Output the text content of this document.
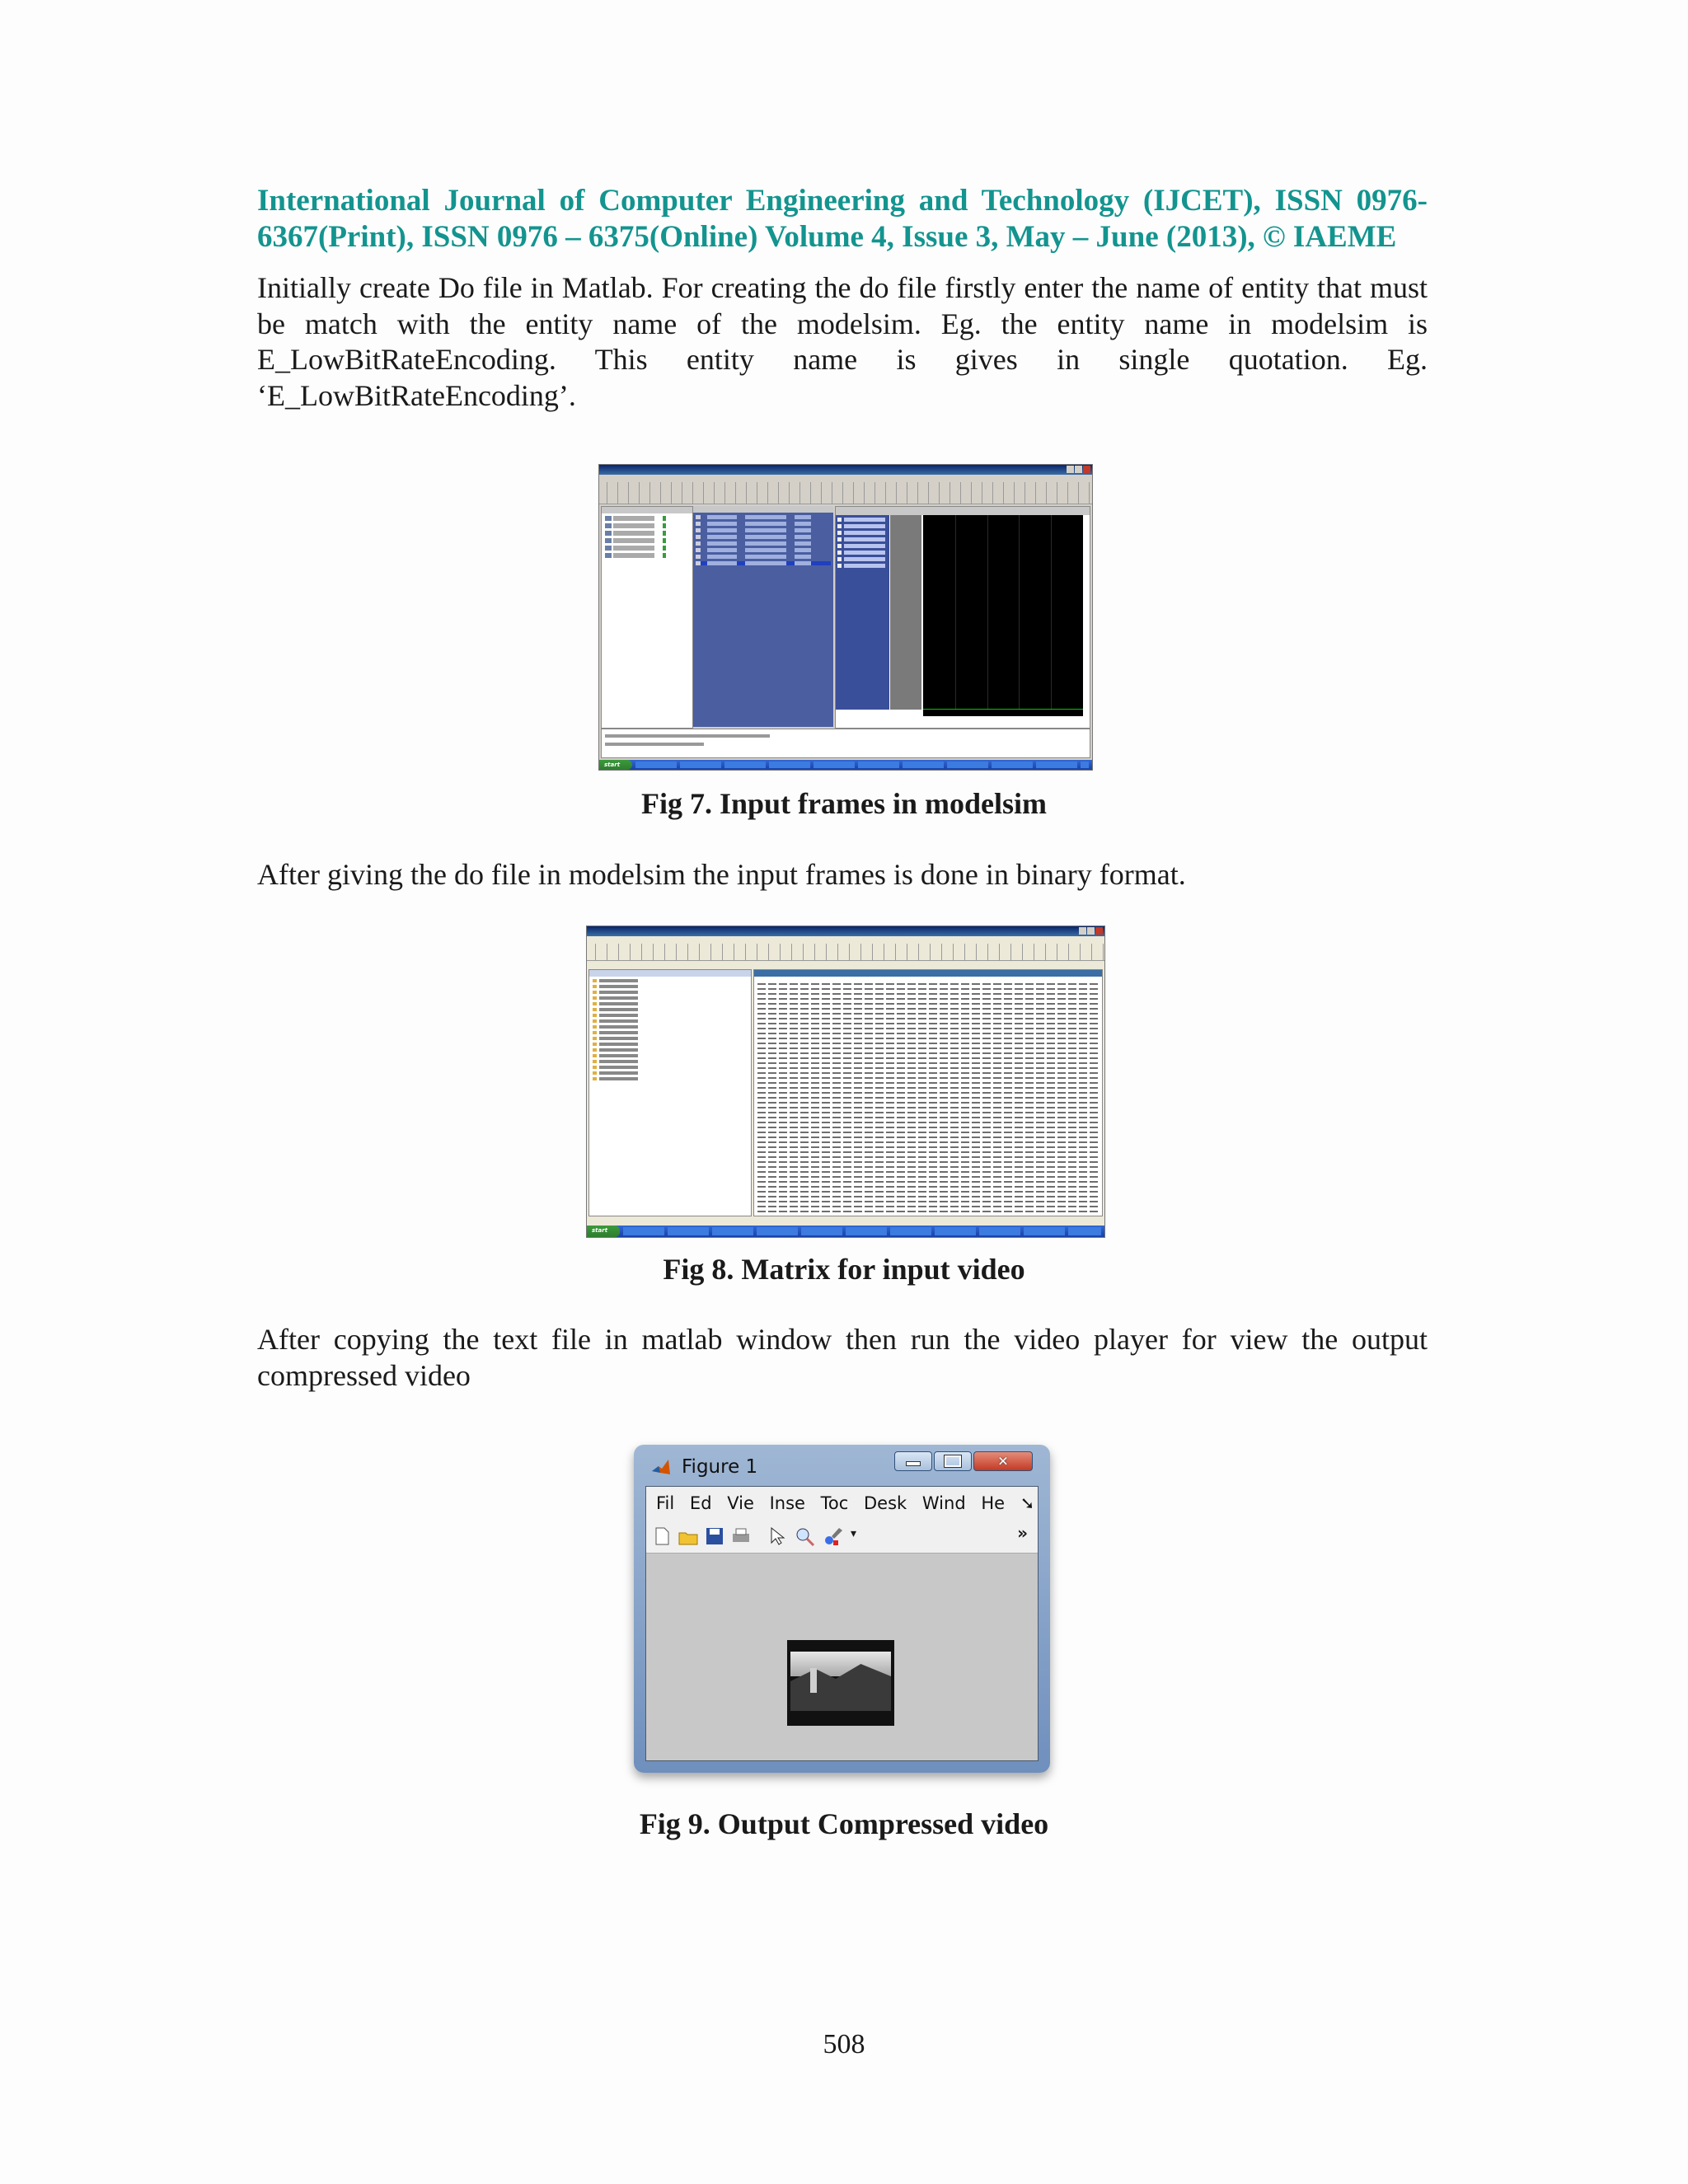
International Journal of Computer Engineering and Technology (IJCET), ISSN 0976-
6367(Print), ISSN 0976 – 6375(Online) Volume 4, Issue 3, May – June (2013), © IAEME

Initially create Do file in Matlab. For creating the do file firstly enter the name of entity that must be match with the entity name of the modelsim. Eg. the entity name in modelsim is E_LowBitRateEncoding. This entity name is gives in single quotation. Eg. ‘E_LowBitRateEncoding’.

start
Fig 7. Input frames in modelsim

After giving the do file in modelsim the input frames is done in binary format.

start
Fig 8. Matrix for input video

After copying the text file in matlab window then run the video player for view the output compressed video

Figure 1	✕
Fil Ed Vie Inse Toc Desk Wind He ➘
▾	»
Fig 9. Output Compressed video
508
